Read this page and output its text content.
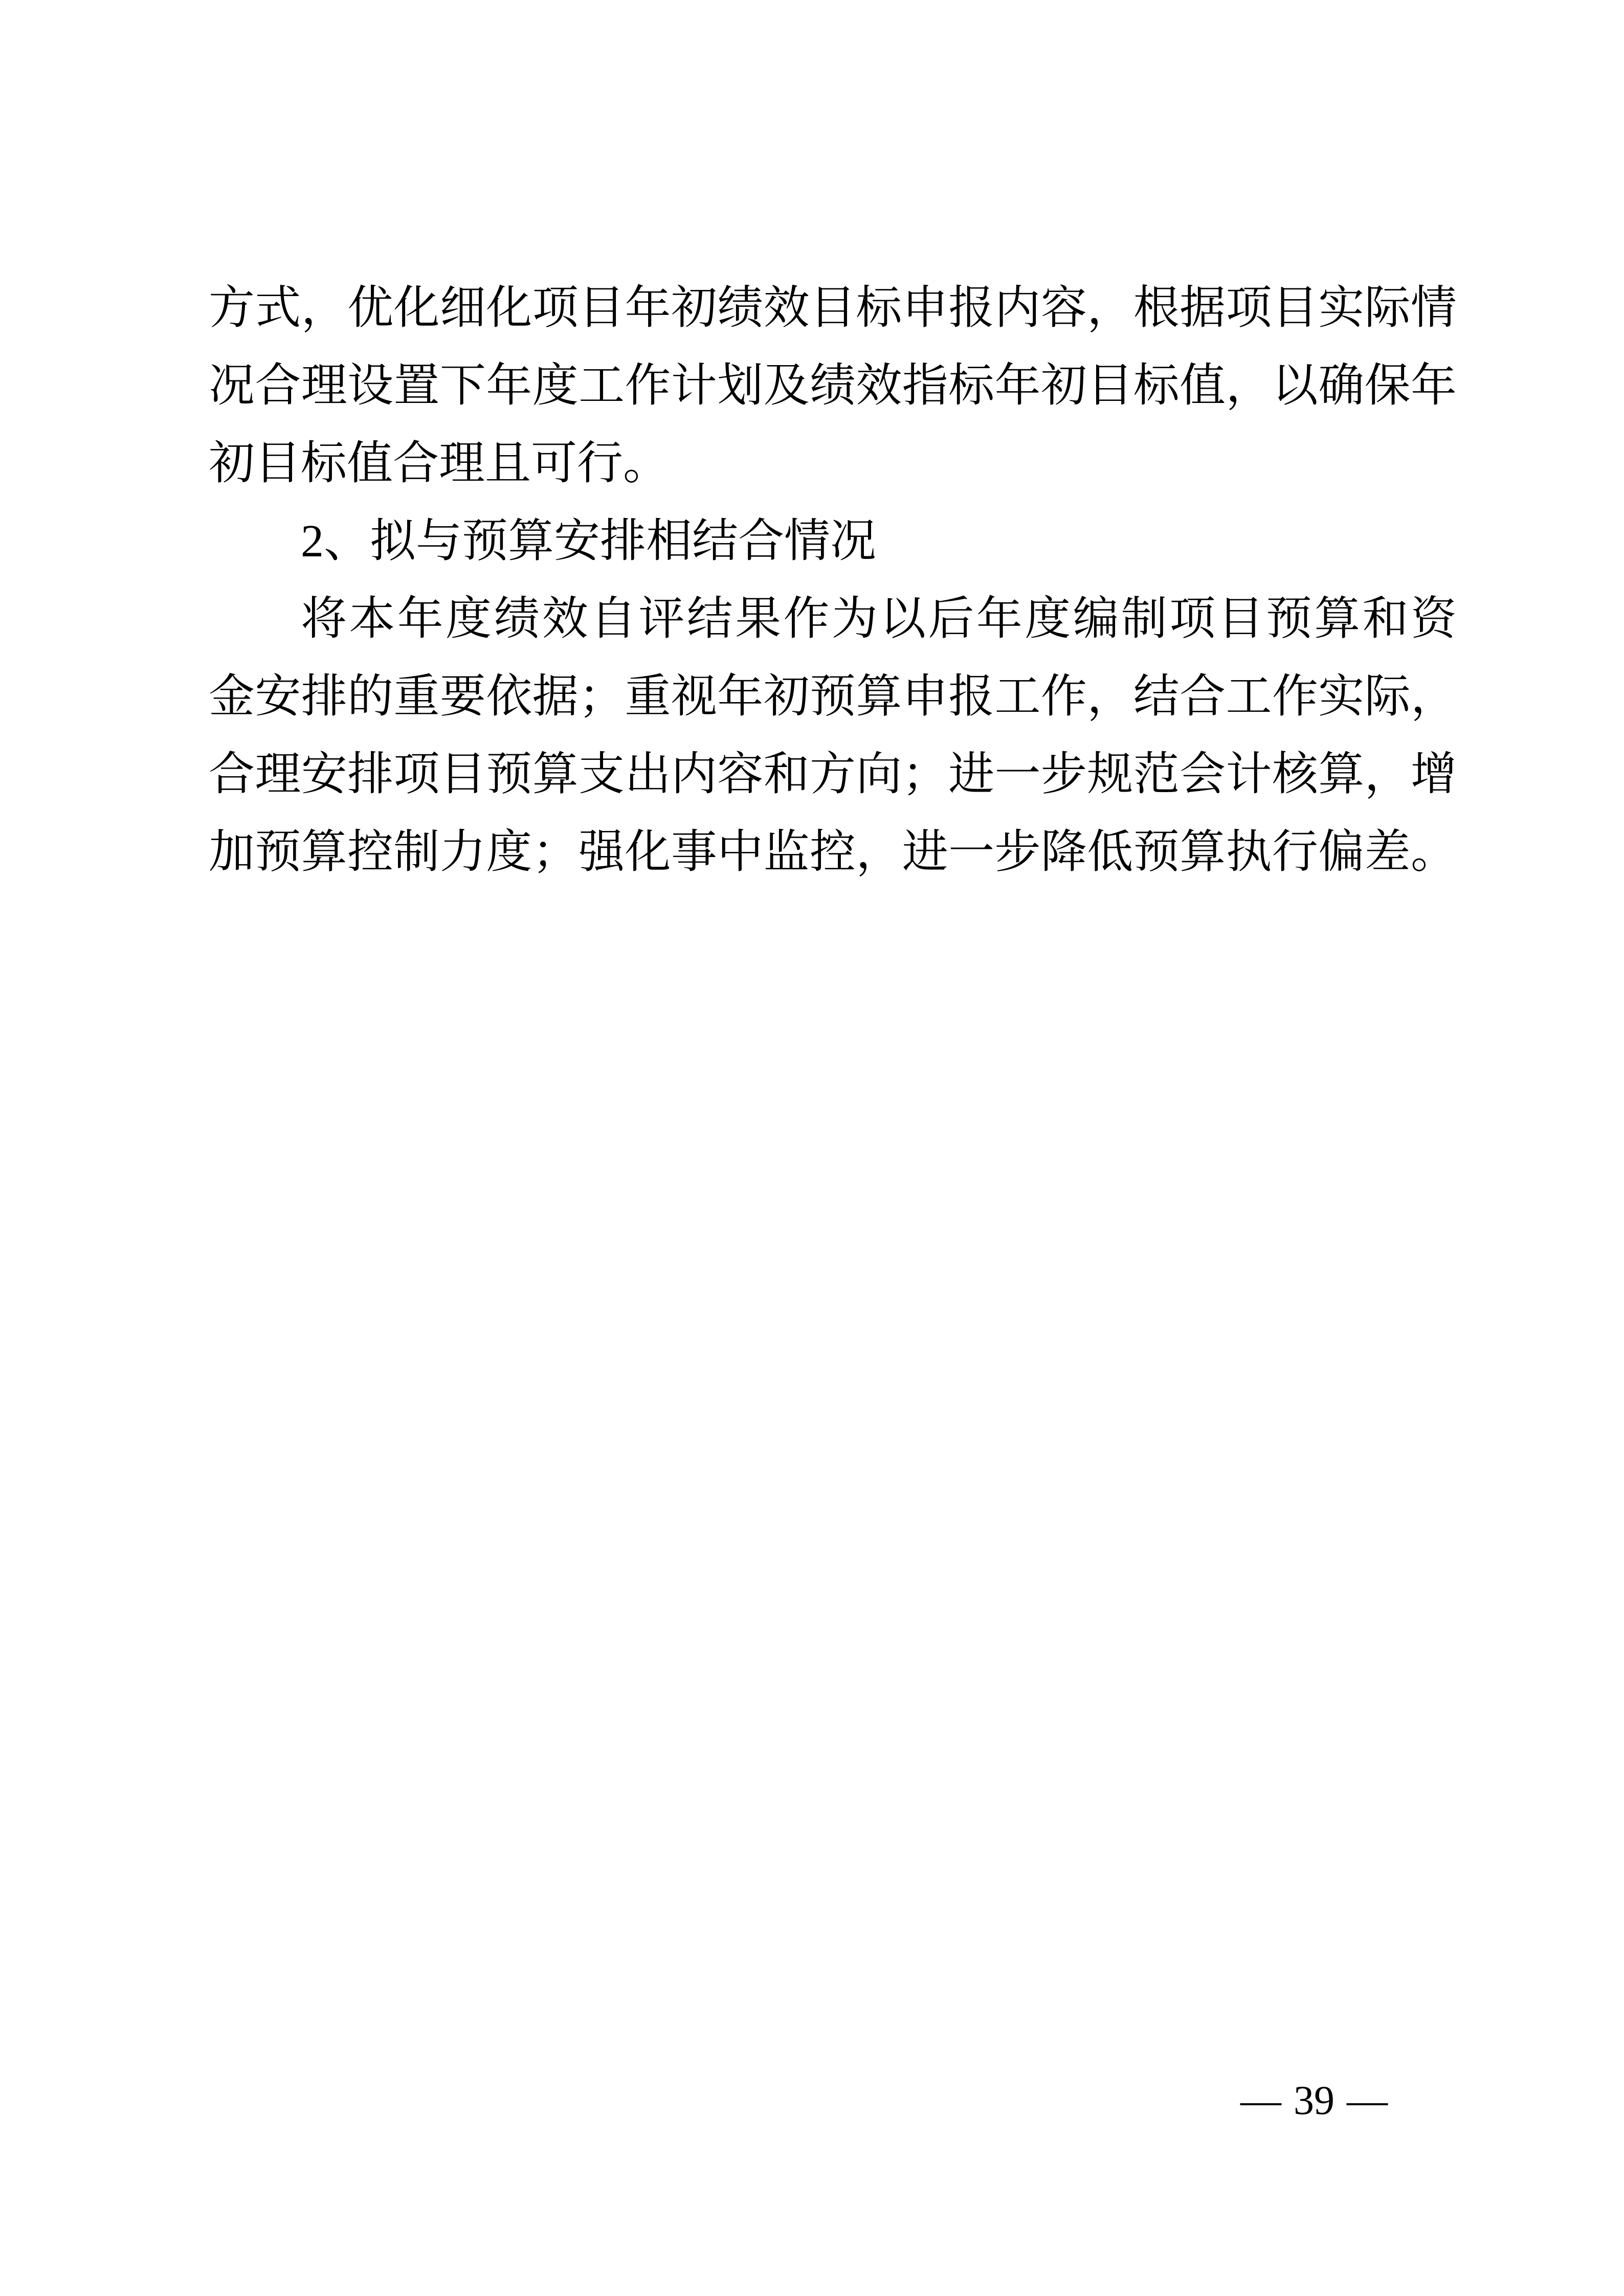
方式，优化细化项目年初绩效目标申报内容，根据项目实际情
况合理设置下年度工作计划及绩效指标年初目标值，以确保年
初目标值合理且可行。
2、拟与预算安排相结合情况
将本年度绩效自评结果作为以后年度编制项目预算和资
金安排的重要依据；重视年初预算申报工作，结合工作实际，
合理安排项目预算支出内容和方向；进一步规范会计核算，增
加预算控制力度；强化事中监控，进一步降低预算执行偏差。
— 39 —
